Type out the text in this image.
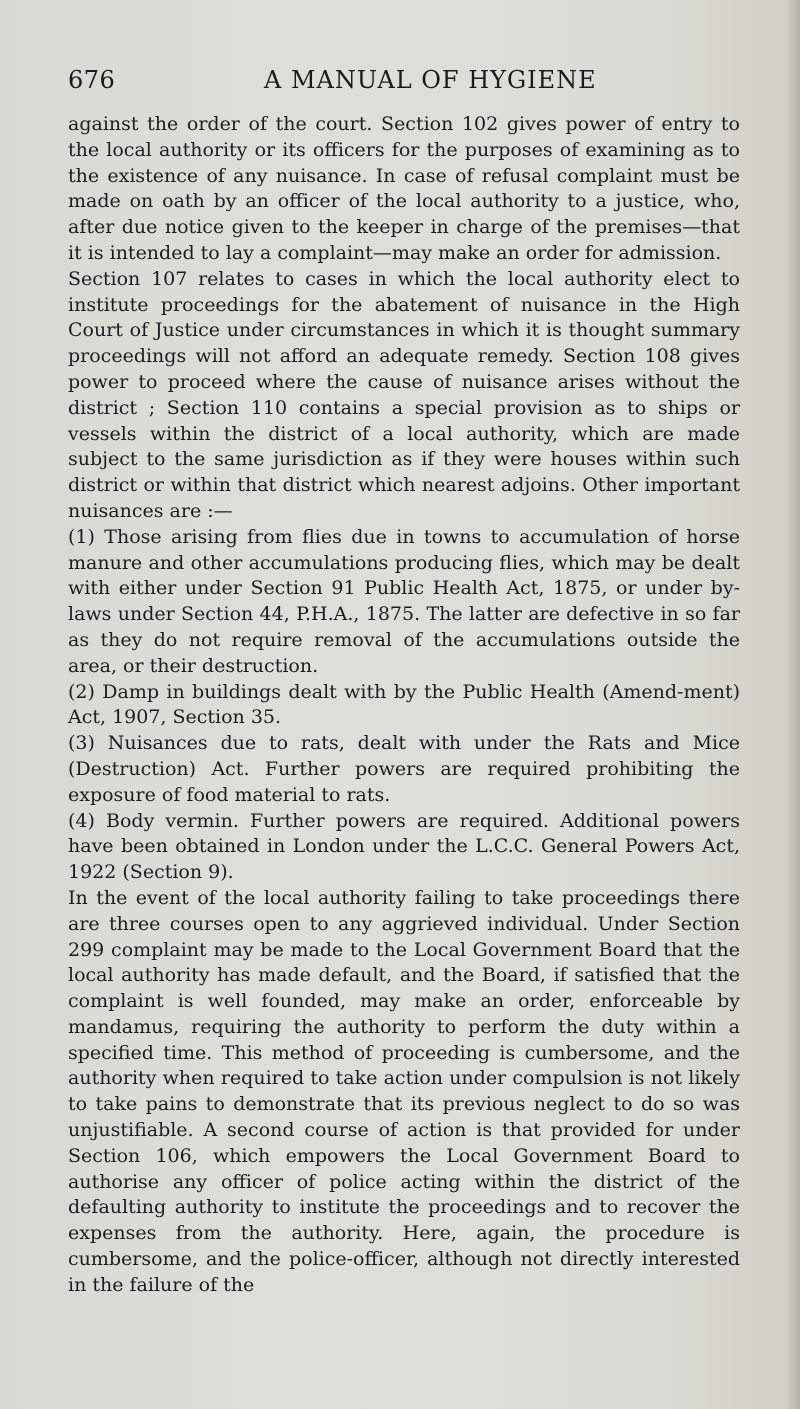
676	A MANUAL OF HYGIENE

against the order of the court. Section 102 gives power of entry to the local authority or its officers for the purposes of examining as to the existence of any nuisance. In case of refusal complaint must be made on oath by an officer of the local authority to a justice, who, after due notice given to the keeper in charge of the premises—that it is intended to lay a complaint—may make an order for admission.

Section 107 relates to cases in which the local authority elect to institute proceedings for the abatement of nuisance in the High Court of Justice under circumstances in which it is thought summary proceedings will not afford an adequate remedy. Section 108 gives power to proceed where the cause of nuisance arises without the district ; Section 110 contains a special provision as to ships or vessels within the district of a local authority, which are made subject to the same jurisdiction as if they were houses within such district or within that district which nearest adjoins. Other important nuisances are :—

(1) Those arising from flies due in towns to accumulation of horse manure and other accumulations producing flies, which may be dealt with either under Section 91 Public Health Act, 1875, or under by-laws under Section 44, P.H.A., 1875. The latter are defective in so far as they do not require removal of the accumulations outside the area, or their destruction.

(2) Damp in buildings dealt with by the Public Health (Amend-ment) Act, 1907, Section 35.

(3) Nuisances due to rats, dealt with under the Rats and Mice (Destruction) Act. Further powers are required prohibiting the exposure of food material to rats.

(4) Body vermin. Further powers are required. Additional powers have been obtained in London under the L.C.C. General Powers Act, 1922 (Section 9).

In the event of the local authority failing to take proceedings there are three courses open to any aggrieved individual. Under Section 299 complaint may be made to the Local Government Board that the local authority has made default, and the Board, if satisfied that the complaint is well founded, may make an order, enforceable by mandamus, requiring the authority to perform the duty within a specified time. This method of proceeding is cumbersome, and the authority when required to take action under compulsion is not likely to take pains to demonstrate that its previous neglect to do so was unjustifiable. A second course of action is that provided for under Section 106, which empowers the Local Government Board to authorise any officer of police acting within the district of the defaulting authority to institute the proceedings and to recover the expenses from the authority. Here, again, the procedure is cumbersome, and the police-officer, although not directly interested in the failure of the
